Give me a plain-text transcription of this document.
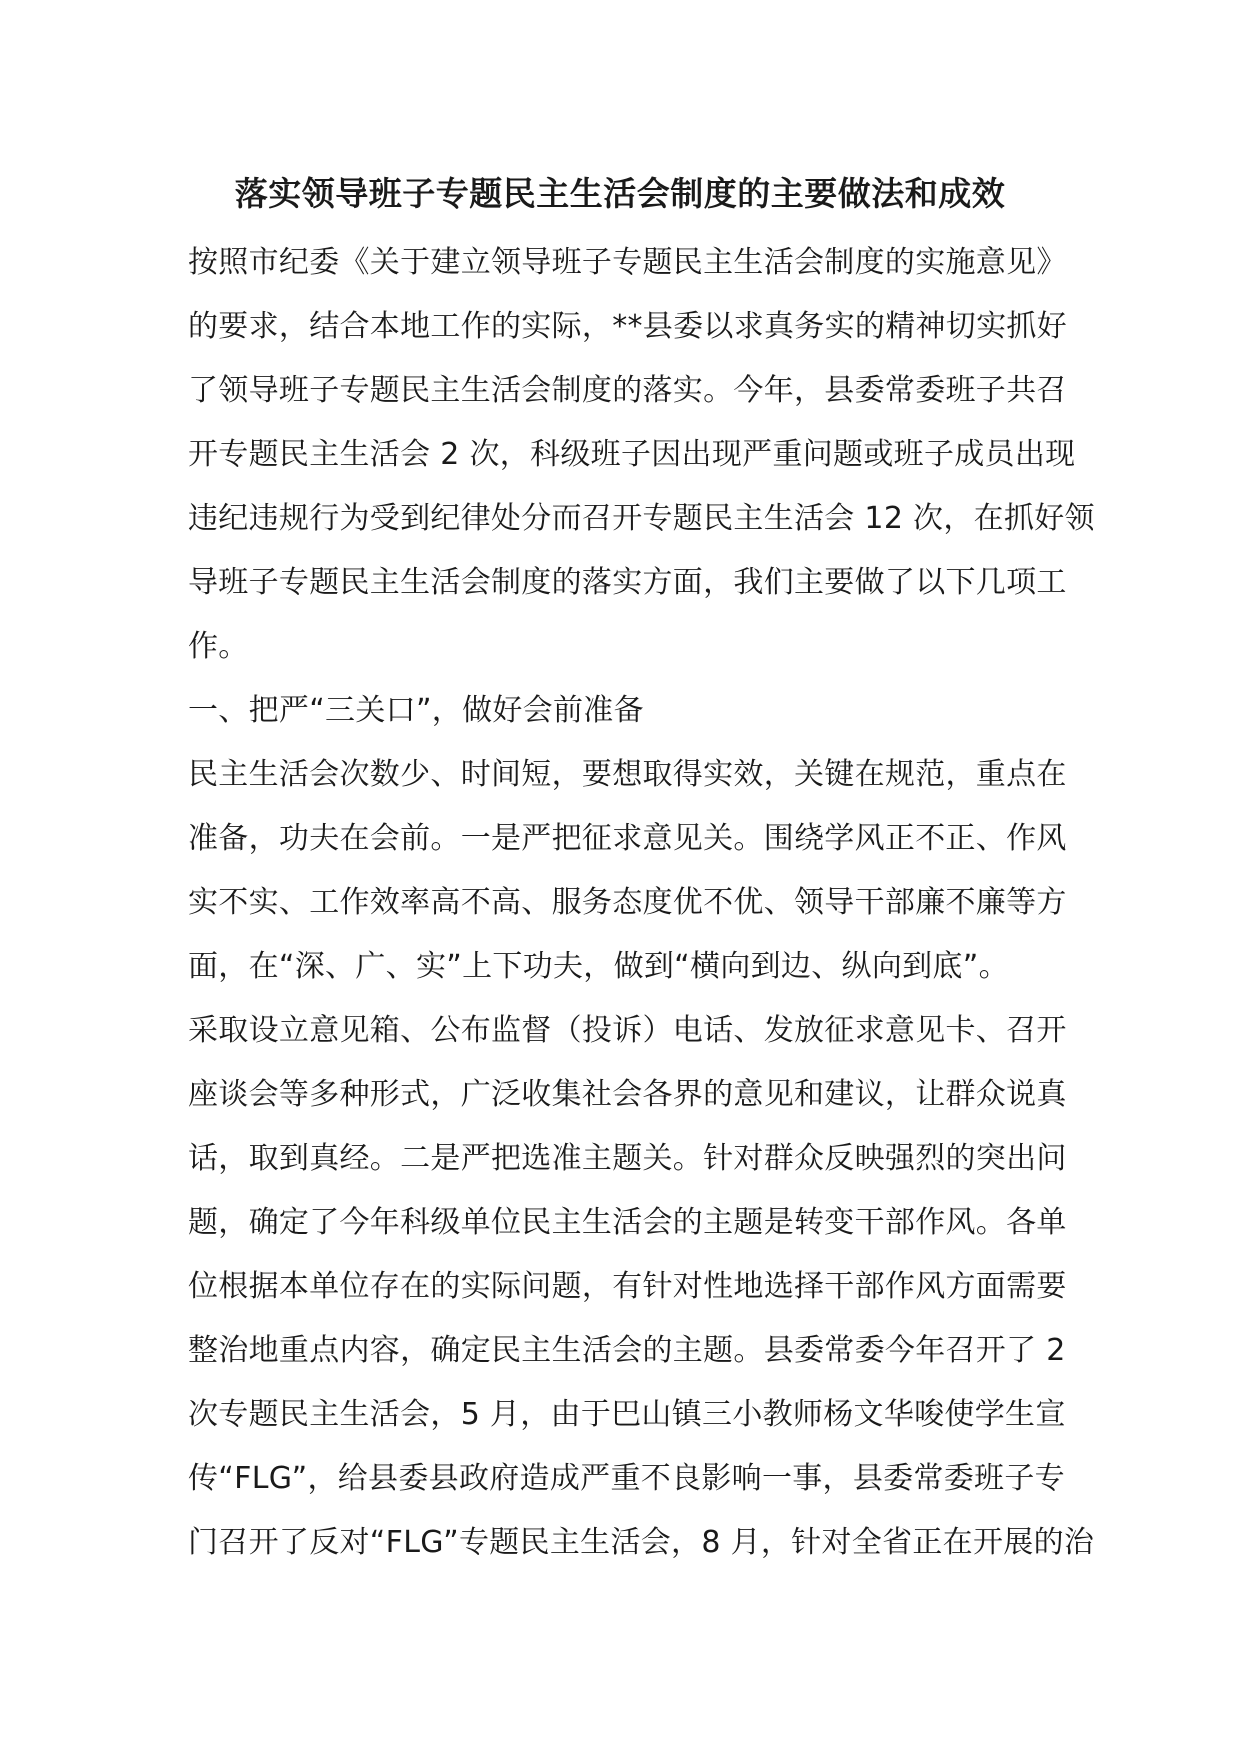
落实领导班子专题民主生活会制度的主要做法和成效
按照市纪委《关于建立领导班子专题民主生活会制度的实施意见》
的要求，结合本地工作的实际，**县委以求真务实的精神切实抓好
了领导班子专题民主生活会制度的落实。今年，县委常委班子共召
开专题民主生活会 2 次，科级班子因出现严重问题或班子成员出现
违纪违规行为受到纪律处分而召开专题民主生活会 12 次，在抓好领
导班子专题民主生活会制度的落实方面，我们主要做了以下几项工
作。
一、把严“三关口”，做好会前准备
民主生活会次数少、时间短，要想取得实效，关键在规范，重点在
准备，功夫在会前。一是严把征求意见关。围绕学风正不正、作风
实不实、工作效率高不高、服务态度优不优、领导干部廉不廉等方
面，在“深、广、实”上下功夫，做到“横向到边、纵向到底”。
采取设立意见箱、公布监督（投诉）电话、发放征求意见卡、召开
座谈会等多种形式，广泛收集社会各界的意见和建议，让群众说真
话，取到真经。二是严把选准主题关。针对群众反映强烈的突出问
题，确定了今年科级单位民主生活会的主题是转变干部作风。各单
位根据本单位存在的实际问题，有针对性地选择干部作风方面需要
整治地重点内容，确定民主生活会的主题。县委常委今年召开了 2
次专题民主生活会，5 月，由于巴山镇三小教师杨文华唆使学生宣
传“FLG”，给县委县政府造成严重不良影响一事，县委常委班子专
门召开了反对“FLG”专题民主生活会，8 月，针对全省正在开展的治
